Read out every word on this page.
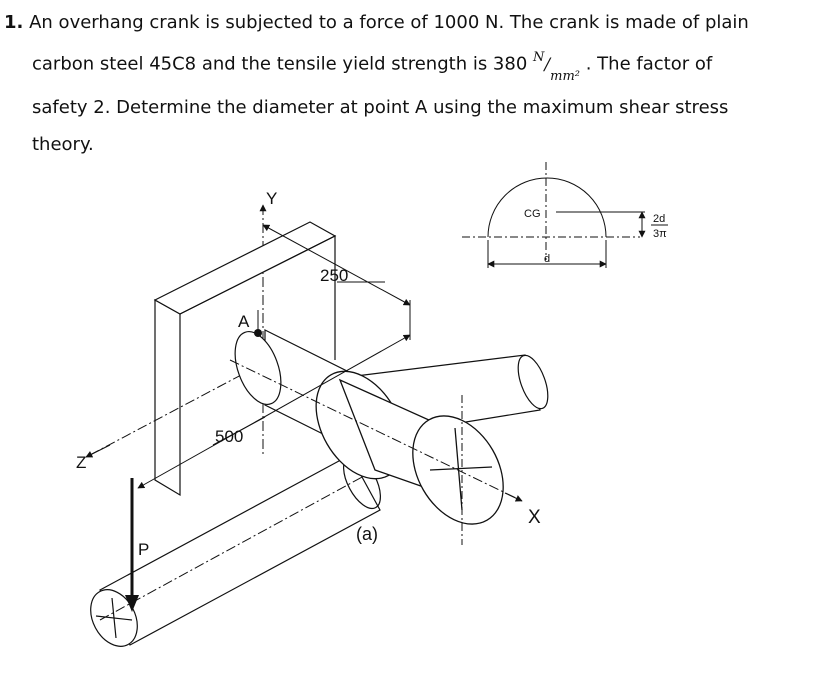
1. An overhang crank is subjected to a force of 1000 N. The crank is made of plain
carbon steel 45C8 and the tensile yield strength is 380 $^N/_{mm^2}$ . The factor of
safety 2. Determine the diameter at point A using the maximum shear stress
theory.
Y
Z
X
250
500
A
P
(a)
CG
d
2d
3π
